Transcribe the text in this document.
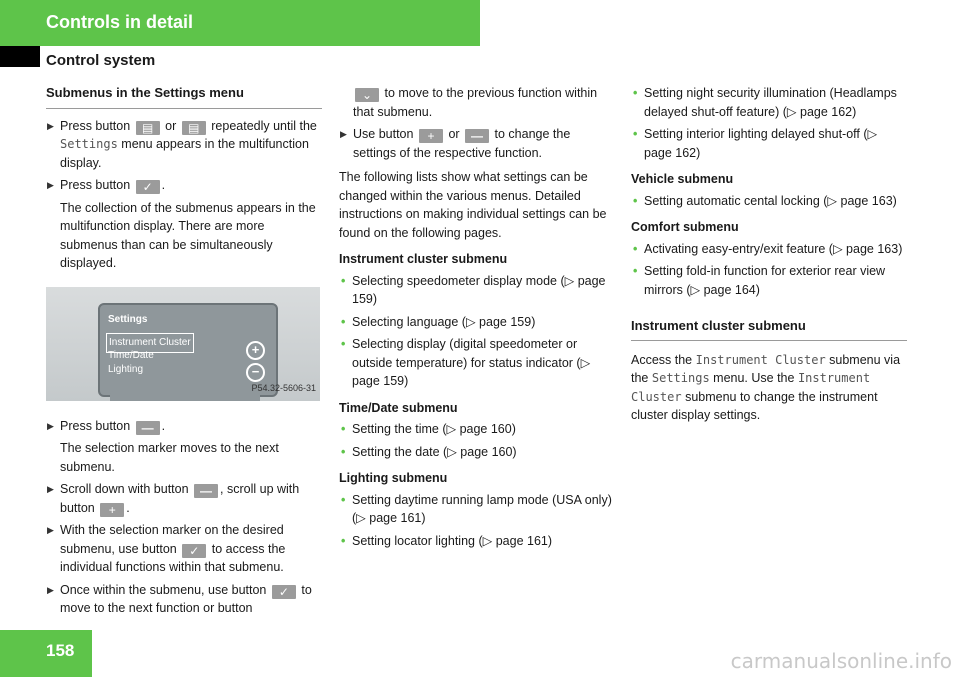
Controls in detail
Control system
Submenus in the Settings menu
▶ Press button ▤ or ▤ repeatedly until the Settings menu appears in the multifunction display.
▶ Press button ✓ .
The collection of the submenus appears in the multifunction display. There are more submenus than can be simultaneously displayed.
Settings
Instrument Cluster
Time/Date
Lighting
+
−
P54.32-5606-31
▶ Press button — .
The selection marker moves to the next submenu.
▶ Scroll down with button — , scroll up with button + .
▶ With the selection marker on the desired submenu, use button ✓ to access the individual functions within that submenu.
▶ Once within the submenu, use button ✓ to move to the next function or button
⌄ to move to the previous function within that submenu.
▶ Use button + or — to change the settings of the respective function.
The following lists show what settings can be changed within the various menus. Detailed instructions on making individual settings can be found on the following pages.
Instrument cluster submenu
• Selecting speedometer display mode (▷ page 159)
• Selecting language (▷ page 159)
• Selecting display (digital speedometer or outside temperature) for status indicator (▷ page 159)
Time/Date submenu
• Setting the time (▷ page 160)
• Setting the date (▷ page 160)
Lighting submenu
• Setting daytime running lamp mode (USA only) (▷ page 161)
• Setting locator lighting (▷ page 161)
• Setting night security illumination (Headlamps delayed shut-off feature) (▷ page 162)
• Setting interior lighting delayed shut-off (▷ page 162)
Vehicle submenu
• Setting automatic cental locking (▷ page 163)
Comfort submenu
• Activating easy-entry/exit feature (▷ page 163)
• Setting fold-in function for exterior rear view mirrors (▷ page 164)
Instrument cluster submenu
Access the Instrument Cluster submenu via the Settings menu. Use the Instrument Cluster submenu to change the instrument cluster display settings.
158	carmanualsonline.info
